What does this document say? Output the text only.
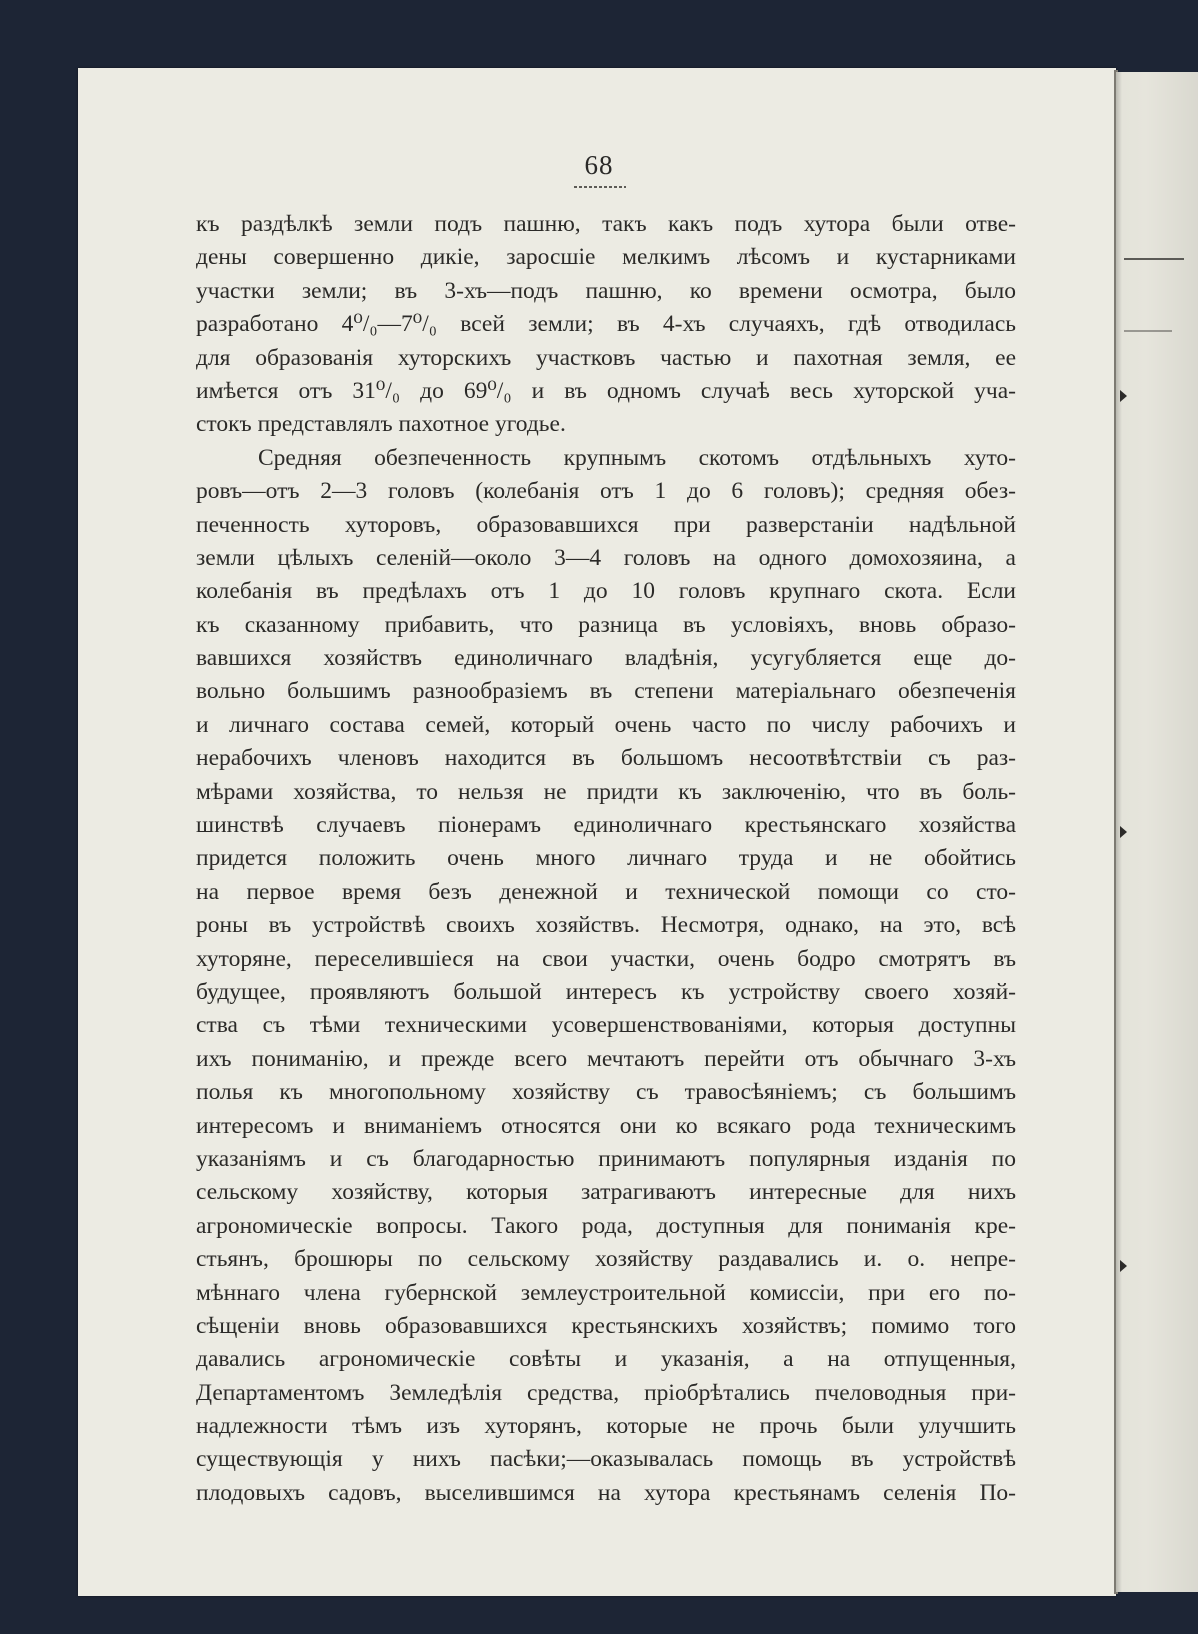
68
къ раздѣлкѣ земли подъ пашню, такъ какъ подъ хутора были отве-
дены совершенно дикіе, заросшіе мелкимъ лѣсомъ и кустарниками
участки земли; въ 3-хъ—подъ пашню, ко времени осмотра, было
разработано 4⁰/₀—7⁰/₀ всей земли; въ 4-хъ случаяхъ, гдѣ отводилась
для образованія хуторскихъ участковъ частью и пахотная земля, ее
имѣется отъ 31⁰/₀ до 69⁰/₀ и въ одномъ случаѣ весь хуторской уча-
стокъ представлялъ пахотное угодье.
Средняя обезпеченность крупнымъ скотомъ отдѣльныхъ хуто-
ровъ—отъ 2—3 головъ (колебанія отъ 1 до 6 головъ); средняя обез-
печенность хуторовъ, образовавшихся при разверстаніи надѣльной
земли цѣлыхъ селеній—около 3—4 головъ на одного домохозяина, а
колебанія въ предѣлахъ отъ 1 до 10 головъ крупнаго скота. Если
къ сказанному прибавить, что разница въ условіяхъ, вновь образо-
вавшихся хозяйствъ единоличнаго владѣнія, усугубляется еще до-
вольно большимъ разнообразіемъ въ степени матеріальнаго обезпеченія
и личнаго состава семей, который очень часто по числу рабочихъ и
нерабочихъ членовъ находится въ большомъ несоотвѣтствіи съ раз-
мѣрами хозяйства, то нельзя не придти къ заключенію, что въ боль-
шинствѣ случаевъ піонерамъ единоличнаго крестьянскаго хозяйства
придется положить очень много личнаго труда и не обойтись
на первое время безъ денежной и технической помощи со сто-
роны въ устройствѣ своихъ хозяйствъ. Несмотря, однако, на это, всѣ
хуторяне, переселившіеся на свои участки, очень бодро смотрятъ въ
будущее, проявляютъ большой интересъ къ устройству своего хозяй-
ства съ тѣми техническими усовершенствованіями, которыя доступны
ихъ пониманію, и прежде всего мечтаютъ перейти отъ обычнаго 3-хъ
полья къ многопольному хозяйству съ травосѣяніемъ; съ большимъ
интересомъ и вниманіемъ относятся они ко всякаго рода техническимъ
указаніямъ и съ благодарностью принимаютъ популярныя изданія по
сельскому хозяйству, которыя затрагиваютъ интересные для нихъ
агрономическіе вопросы. Такого рода, доступныя для пониманія кре-
стьянъ, брошюры по сельскому хозяйству раздавались и. о. непре-
мѣннаго члена губернской землеустроительной комиссіи, при его по-
сѣщеніи вновь образовавшихся крестьянскихъ хозяйствъ; помимо того
давались агрономическіе совѣты и указанія, а на отпущенныя,
Департаментомъ Земледѣлія средства, пріобрѣтались пчеловодныя при-
надлежности тѣмъ изъ хуторянъ, которые не прочь были улучшить
существующія у нихъ пасѣки;—оказывалась помощь въ устройствѣ
плодовыхъ садовъ, выселившимся на хутора крестьянамъ селенія По-
